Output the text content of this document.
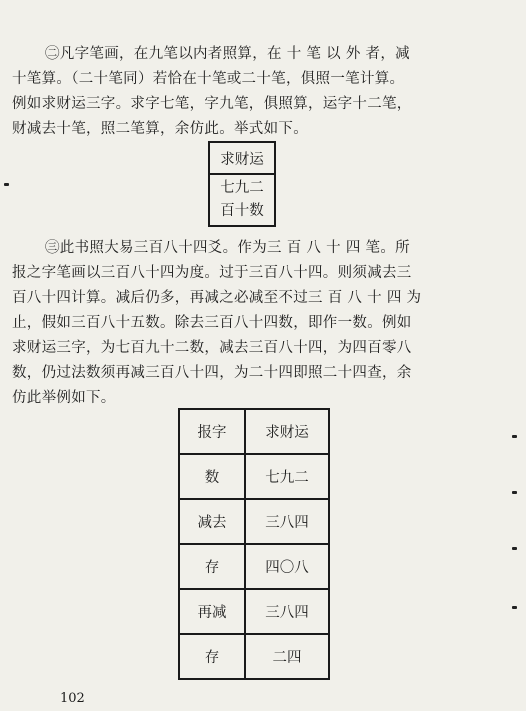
㊁凡字笔画，在九笔以内者照算，在 十 笔 以 外 者，减
十笔算。（二十笔同）若恰在十笔或二十笔，俱照一笔计算。
例如求财运三字。求字七笔，字九笔，俱照算，运字十二笔，
财减去十笔，照二笔算，余仿此。举式如下。
求财运
七九二
百十数
㊂此书照大易三百八十四爻。作为三 百 八 十 四 笔。所
报之字笔画以三百八十四为度。过于三百八十四。则须减去三
百八十四计算。减后仍多，再减之必减至不过三 百 八 十 四 为
止，假如三百八十五数。除去三百八十四数，即作一数。例如
求财运三字，为七百九十二数，减去三百八十四，为四百零八
数，仍过法数须再减三百八十四，为二十四即照二十四查，余
仿此举例如下。
报字	求财运
数	七九二
减去	三八四
存	四〇八
再减	三八四
存	二四
102
